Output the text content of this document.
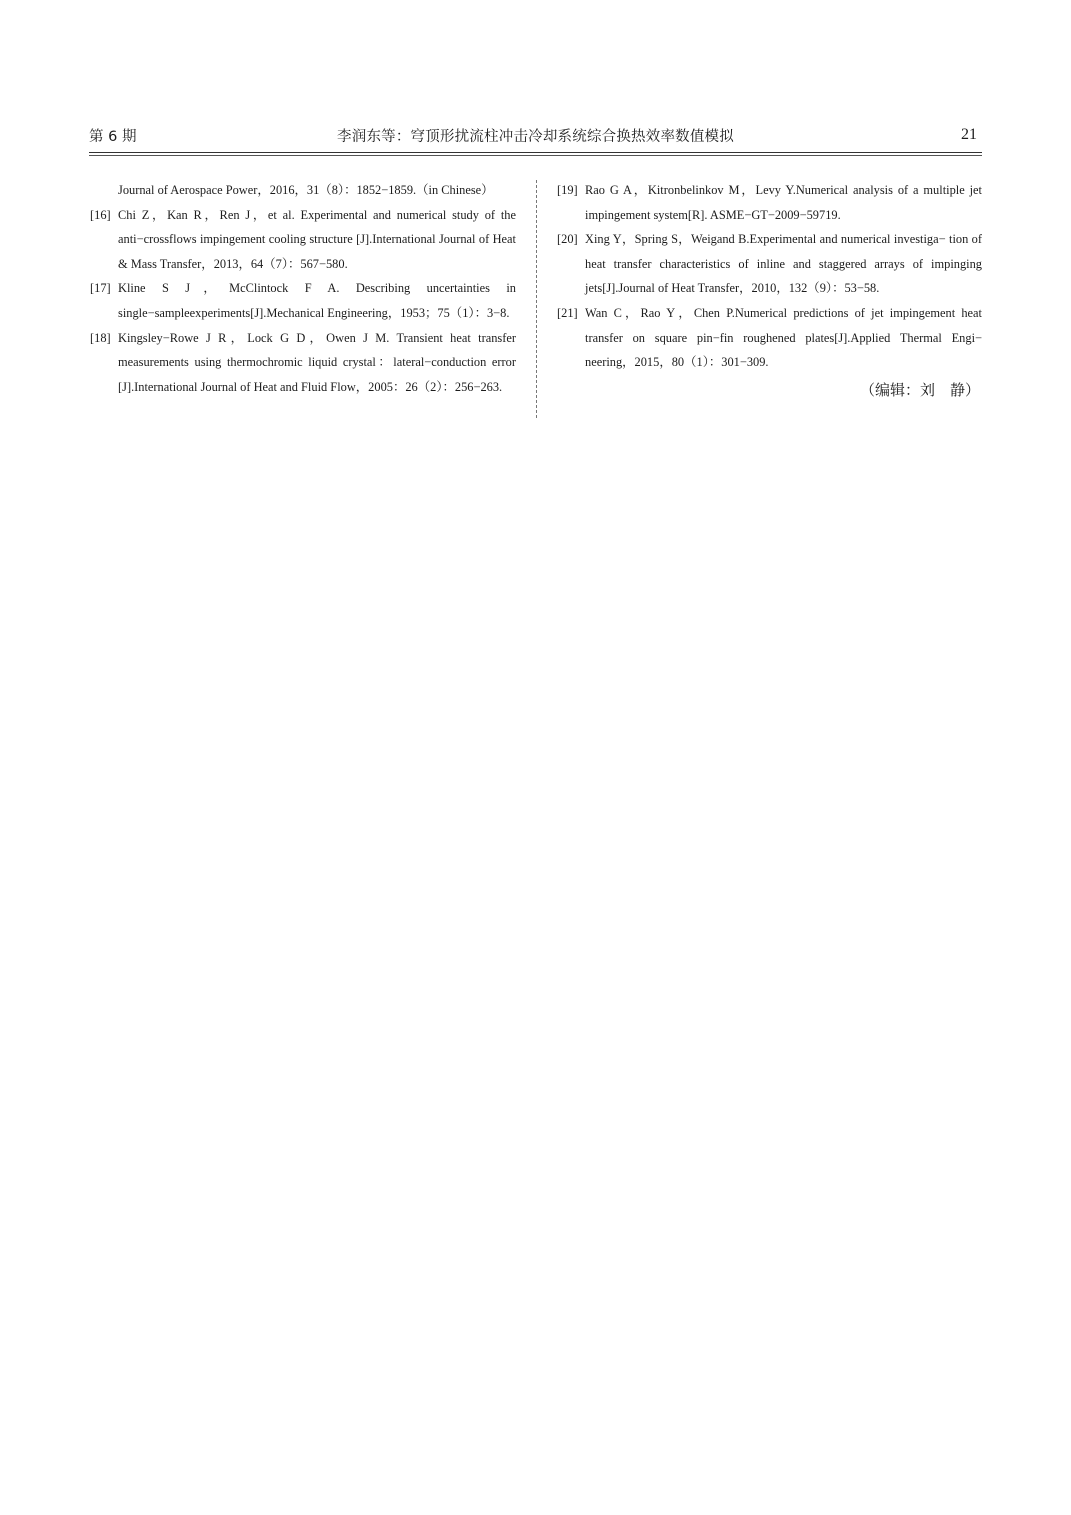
第 6 期	李润东等：穹顶形扰流柱冲击冷却系统综合换热效率数值模拟	21

Journal of Aerospace Power，2016，31（8）：1852−1859.（in Chinese）

[16] Chi Z，Kan R，Ren J，et al. Experimental and numerical study of the anti−crossflows impingement cooling structure [J].International Journal of Heat & Mass Transfer，2013，64（7）：567−580.

[17] Kline S J，McClintock F A. Describing uncertainties in single−sampleexperiments[J].Mechanical Engineering，1953；75（1）：3−8.

[18] Kingsley−Rowe J R，Lock G D，Owen J M. Transient heat transfer measurements using thermochromic liquid crystal：lateral−conduction error [J].International Journal of Heat and Fluid Flow，2005：26（2）：256−263.

[19] Rao G A，Kitronbelinkov M，Levy Y.Numerical analysis of a multiple jet impingement system[R]. ASME−GT−2009−59719.

[20] Xing Y，Spring S，Weigand B.Experimental and numerical investiga− tion of heat transfer characteristics of inline and staggered arrays of impinging jets[J].Journal of Heat Transfer，2010，132（9）：53−58.

[21] Wan C，Rao Y，Chen P.Numerical predictions of jet impingement heat transfer on square pin−fin roughened plates[J].Applied Thermal Engi− neering，2015，80（1）：301−309.

（编辑：刘　静）
